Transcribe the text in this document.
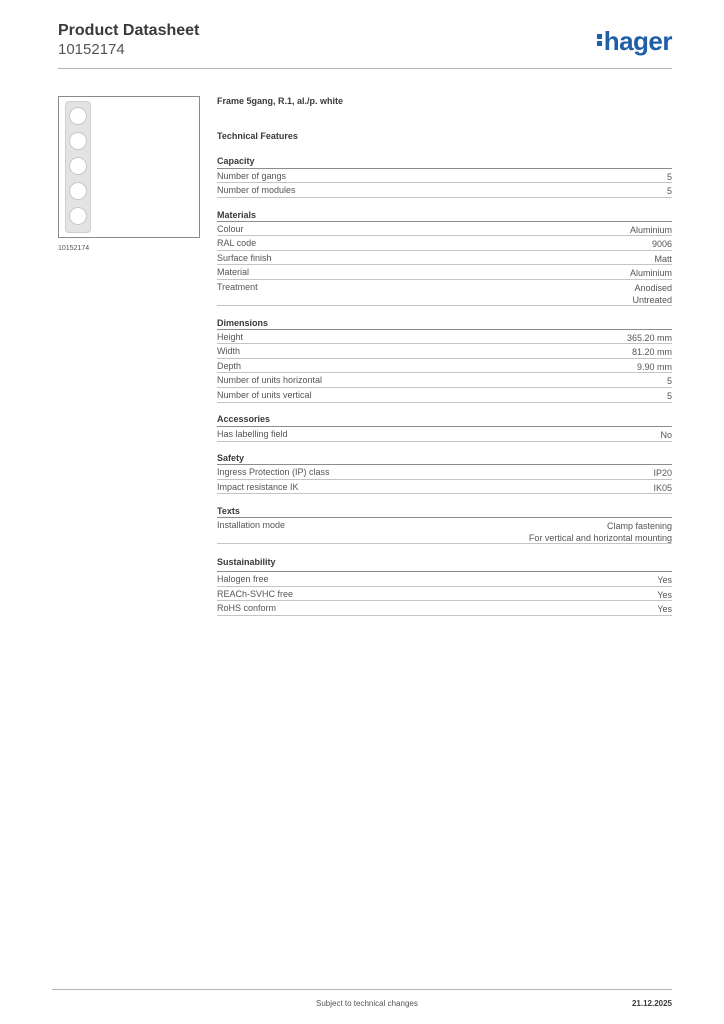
Product Datasheet
10152174	hager
10152174
Frame 5gang, R.1, al./p. white
Technical Features
Capacity
Number of gangs	5
Number of modules	5
Materials
Colour	Aluminium
RAL code	9006
Surface finish	Matt
Material	Aluminium
Treatment	Anodised
Untreated
Dimensions
Height	365.20 mm
Width	81.20 mm
Depth	9.90 mm
Number of units horizontal	5
Number of units vertical	5
Accessories
Has labelling field	No
Safety
Ingress Protection (IP) class	IP20
Impact resistance IK	IK05
Texts
Installation mode	Clamp fastening
For vertical and horizontal mounting
Sustainability
Halogen free	Yes
REACh-SVHC free	Yes
RoHS conform	Yes
Subject to technical changes	21.12.2025
